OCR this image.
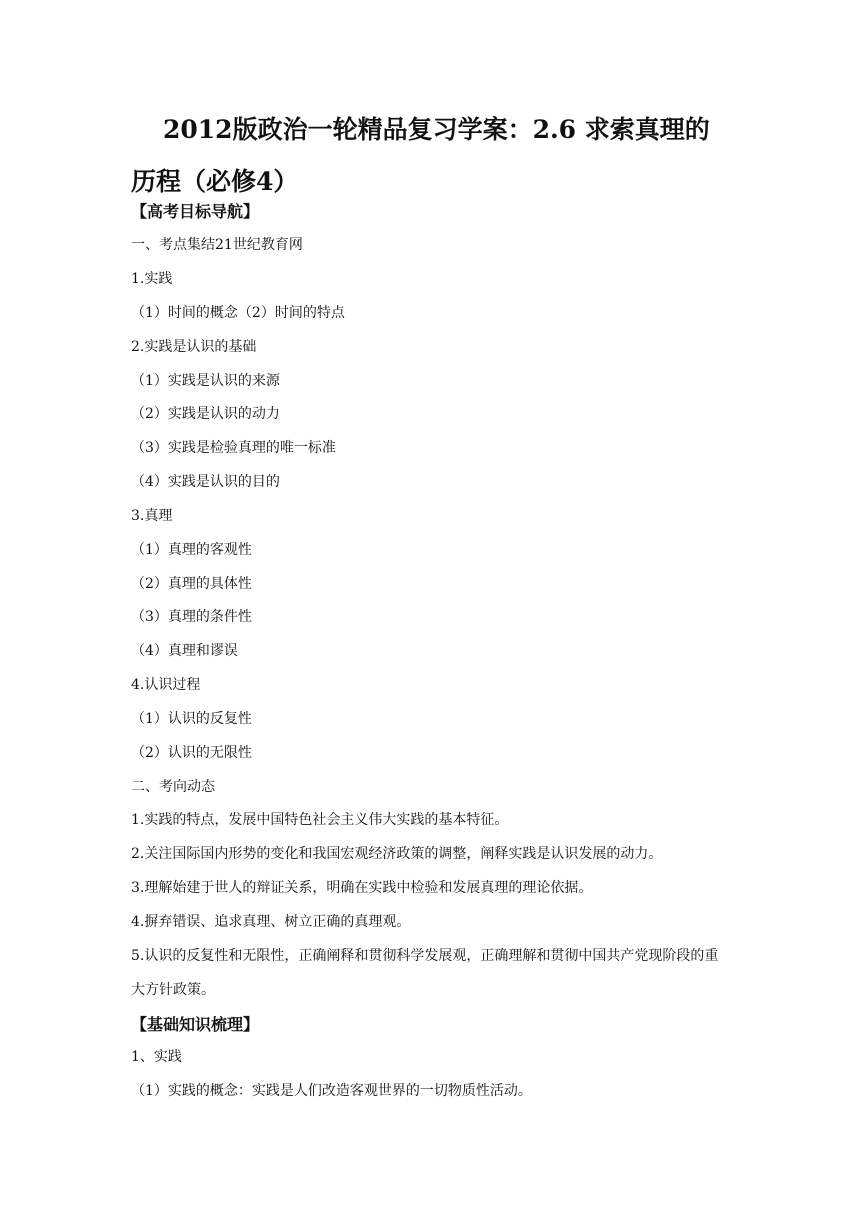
2012版政治一轮精品复习学案：2.6 求索真理的历程（必修4）
【高考目标导航】
一、考点集结21世纪教育网
1.实践
（1）时间的概念（2）时间的特点
2.实践是认识的基础
（1）实践是认识的来源
（2）实践是认识的动力
（3）实践是检验真理的唯一标准
（4）实践是认识的目的
3.真理
（1）真理的客观性
（2）真理的具体性
（3）真理的条件性
（4）真理和谬误
4.认识过程
（1）认识的反复性
（2）认识的无限性
二、考向动态
1.实践的特点，发展中国特色社会主义伟大实践的基本特征。
2.关注国际国内形势的变化和我国宏观经济政策的调整，阐释实践是认识发展的动力。
3.理解始建于世人的辩证关系，明确在实践中检验和发展真理的理论依据。
4.摒弃错误、追求真理、树立正确的真理观。
5.认识的反复性和无限性，正确阐释和贯彻科学发展观，正确理解和贯彻中国共产党现阶段的重大方针政策。
【基础知识梳理】
1、实践
（1）实践的概念：实践是人们改造客观世界的一切物质性活动。
